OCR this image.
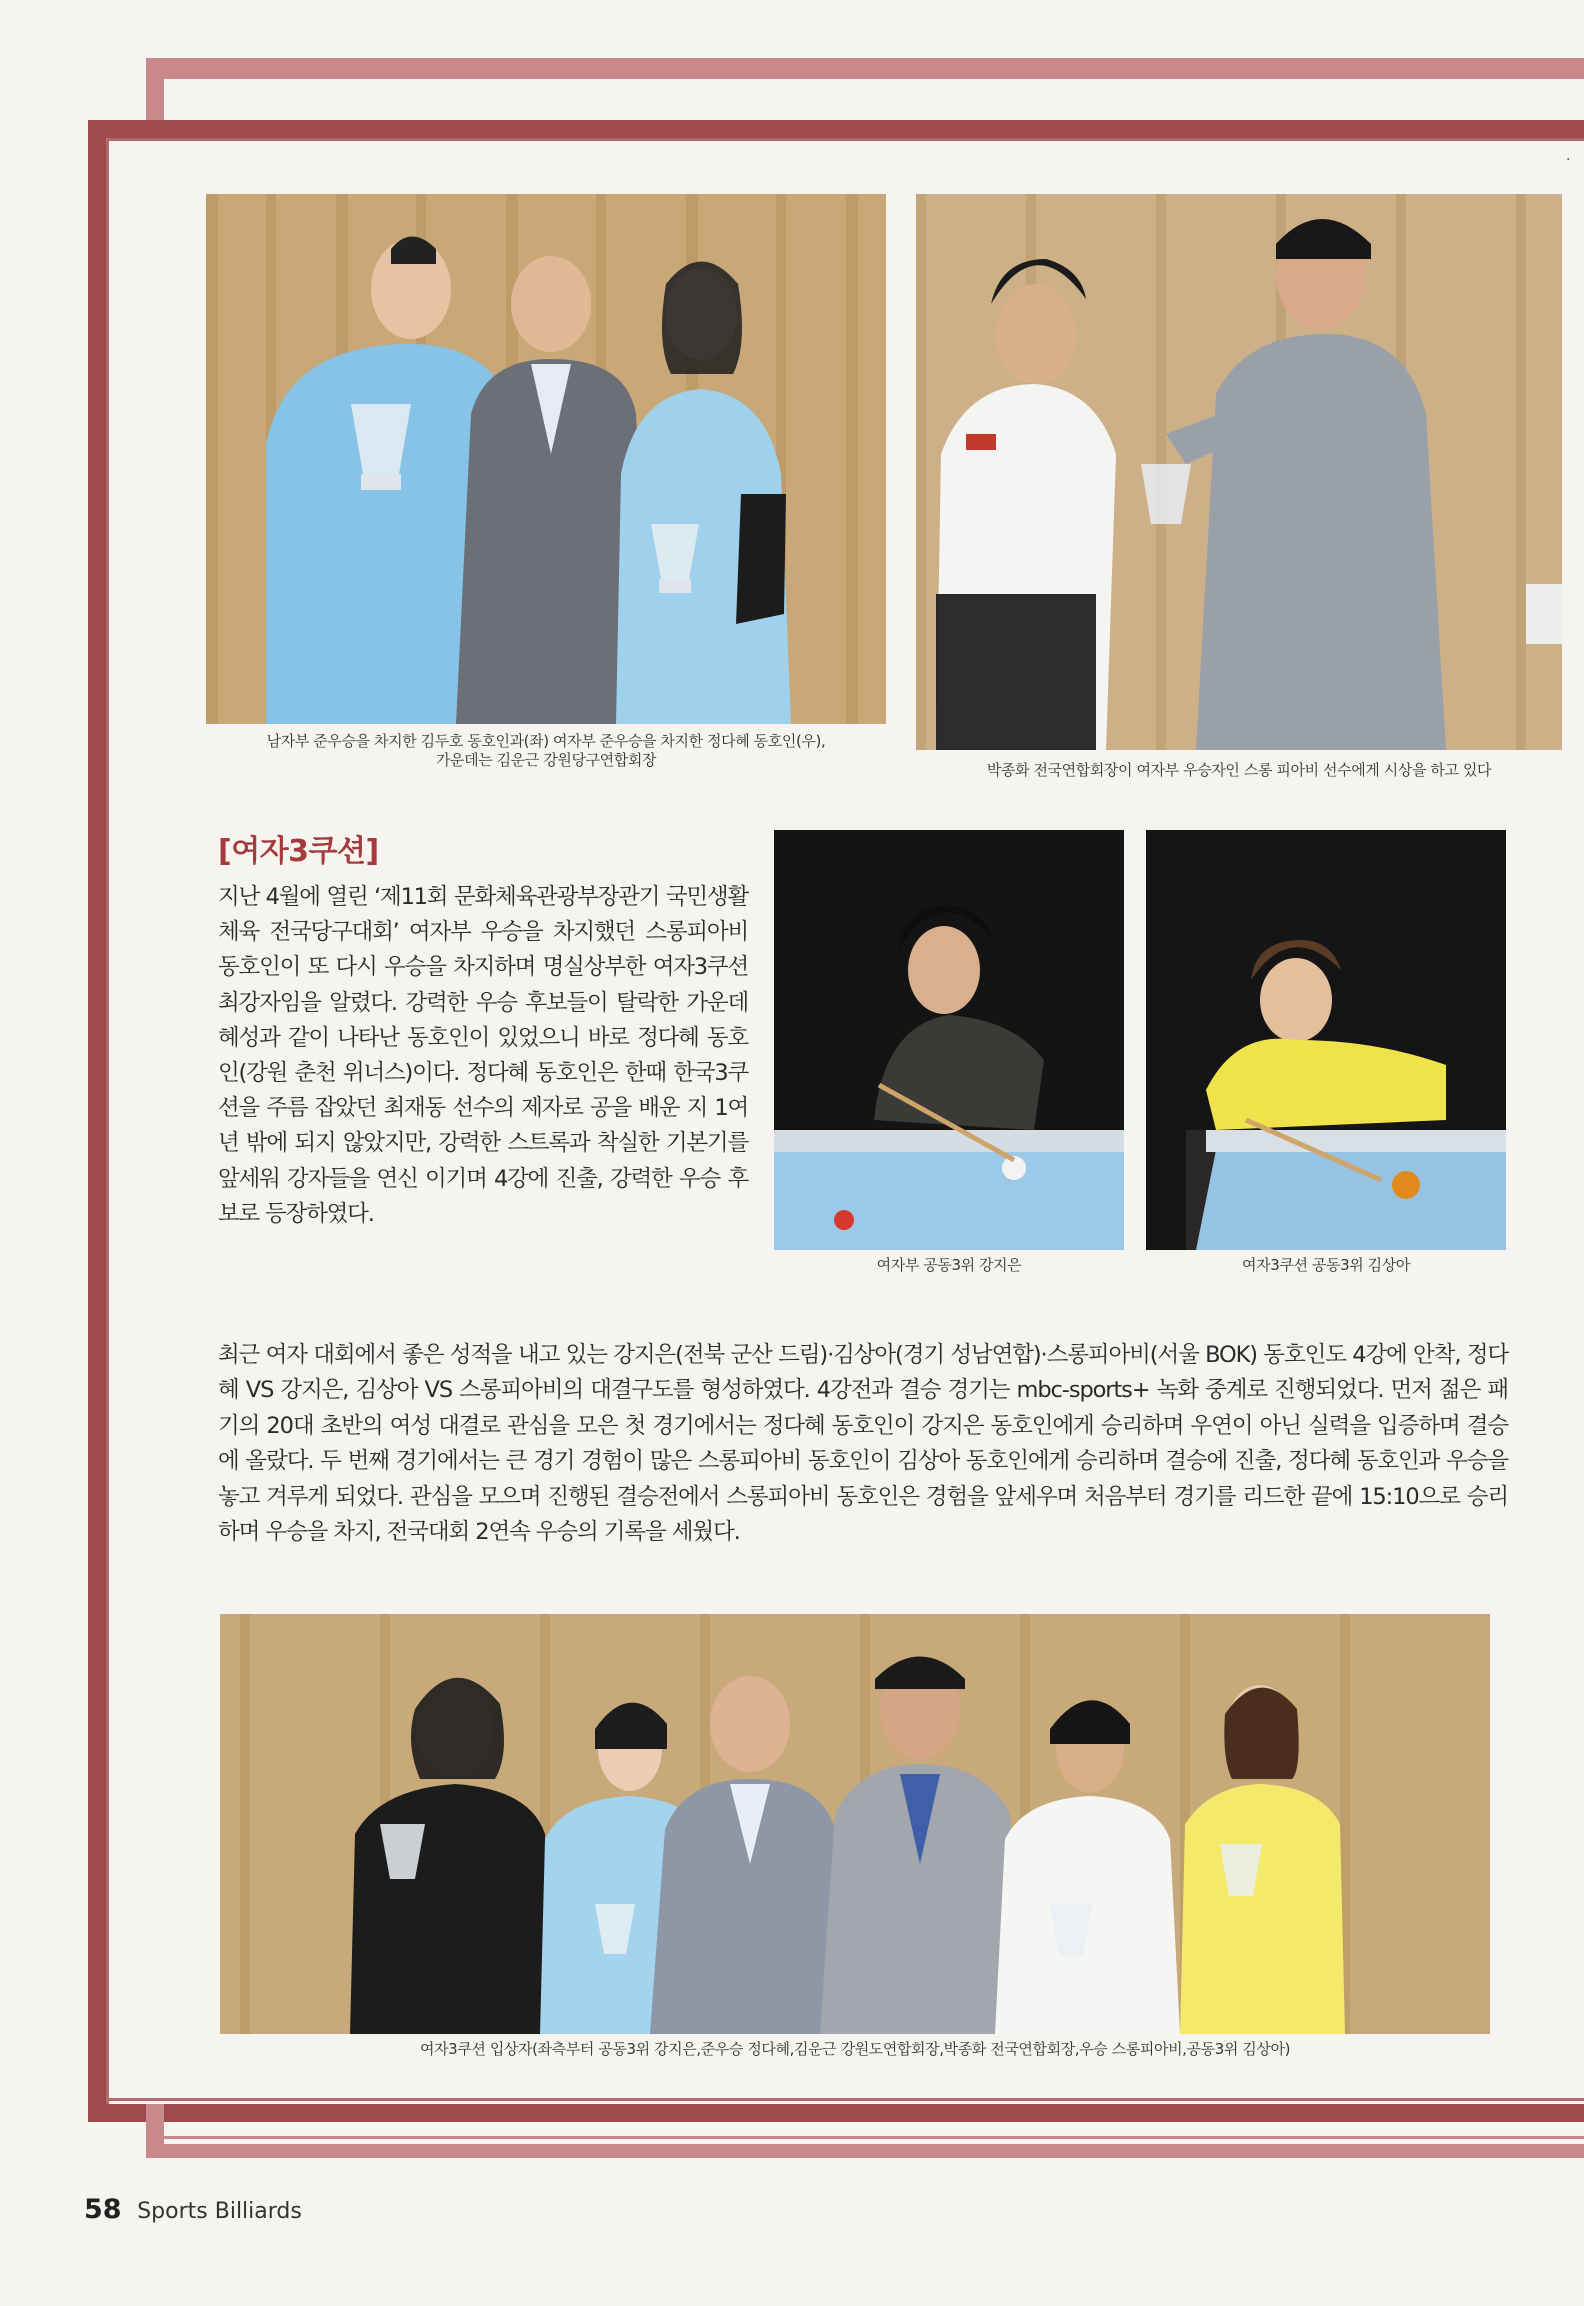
남자부 준우승을 차지한 김두호 동호인과(좌) 여자부 준우승을 차지한 정다혜 동호인(우),
가운데는 김운근 강원당구연합회장
박종화 전국연합회장이 여자부 우승자인 스롱 피아비 선수에게 시상을 하고 있다
[여자3쿠션]

지난 4월에 열린 ‘제11회 문화체육관광부장관기 국민생활체육 전국당구대회’ 여자부 우승을 차지했던 스롱피아비 동호인이 또 다시 우승을 차지하며 명실상부한 여자3쿠션 최강자임을 알렸다. 강력한 우승 후보들이 탈락한 가운데 혜성과 같이 나타난 동호인이 있었으니 바로 정다혜 동호인(강원 춘천 위너스)이다. 정다혜 동호인은 한때 한국3쿠션을 주름 잡았던 최재동 선수의 제자로 공을 배운 지 1여년 밖에 되지 않았지만, 강력한 스트록과 착실한 기본기를 앞세워 강자들을 연신 이기며 4강에 진출, 강력한 우승 후보로 등장하였다.

여자부 공동3위 강지은	여자3쿠션 공동3위 김상아

최근 여자 대회에서 좋은 성적을 내고 있는 강지은(전북 군산 드림)·김상아(경기 성남연합)·스롱피아비(서울 BOK) 동호인도 4강에 안착, 정다혜 VS 강지은, 김상아 VS 스롱피아비의 대결구도를 형성하였다. 4강전과 결승 경기는 mbc-sports+ 녹화 중계로 진행되었다. 먼저 젊은 패기의 20대 초반의 여성 대결로 관심을 모은 첫 경기에서는 정다혜 동호인이 강지은 동호인에게 승리하며 우연이 아닌 실력을 입증하며 결승에 올랐다. 두 번째 경기에서는 큰 경기 경험이 많은 스롱피아비 동호인이 김상아 동호인에게 승리하며 결승에 진출, 정다혜 동호인과 우승을 놓고 겨루게 되었다. 관심을 모으며 진행된 결승전에서 스롱피아비 동호인은 경험을 앞세우며 처음부터 경기를 리드한 끝에 15:10으로 승리하며 우승을 차지, 전국대회 2연속 우승의 기록을 세웠다.

여자3쿠션 입상자(좌측부터 공동3위 강지은,준우승 정다혜,김운근 강원도연합회장,박종화 전국연합회장,우승 스롱피아비,공동3위 김상아)
·
58 Sports Billiards
